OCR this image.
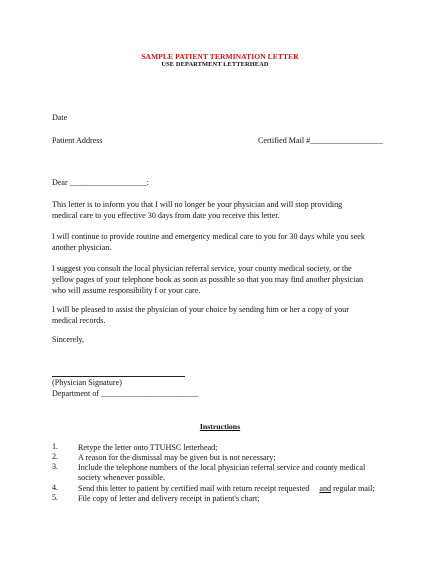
SAMPLE PATIENT TERMINATION LETTER
USE DEPARTMENT LETTERHEAD
Date
Patient Address	Certified Mail #__________________
Dear ___________________:
This letter is to inform you that I will no longer be your physician and will stop providing
medical care to you effective 30 days from date you receive this letter.
I will continue to provide routine and emergency medical care to you for 30 days while you seek
another physician.
I suggest you consult the local physician referral service, your county medical society, or the
yellow pages of your telephone book as soon as possible so that you may find another physician
who will assume responsibility f or your care.
I will be pleased to assist the physician of your choice by sending him or her a copy of your
medical records.
Sincerely,
(Physician Signature)
Department of ________________________
Instructions
1.	Retype the letter onto TTUHSC letterhead;
2.	A reason for the dismissal may be given but is not necessary;
3.	Include the telephone numbers of the local physician referral service and county medical
society whenever possible.
4.	Send this letter to patient by certified mail with return receipt requested     and regular mail;
5.	File copy of letter and delivery receipt in patient's chart;
